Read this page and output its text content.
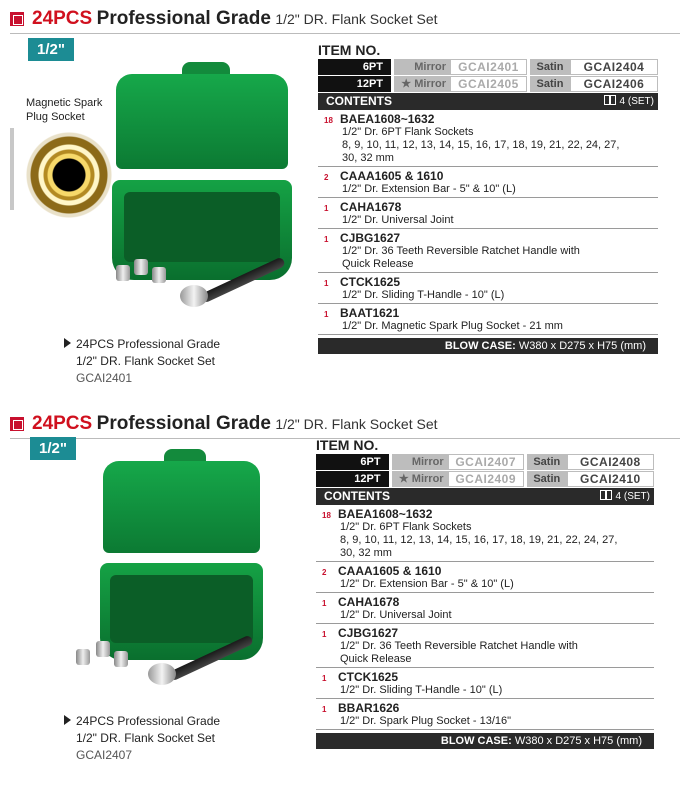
24PCS Professional Grade 1/2" DR. Flank Socket Set
1/2"
Magnetic Spark
Plug Socket
24PCS Professional Grade
1/2" DR. Flank Socket Set
GCAI2401
ITEM NO.
6PT	Mirror	GCAI2401	Satin	GCAI2404
12PT	★ Mirror	GCAI2405	Satin	GCAI2406
CONTENTS	4 (SET)
18 BAEA1608~1632
1/2" Dr. 6PT Flank Sockets
8, 9, 10, 11, 12, 13, 14, 15, 16, 17, 18, 19, 21, 22, 24, 27,
30, 32 mm
2 CAAA1605 & 1610
1/2" Dr. Extension Bar - 5" & 10" (L)
1 CAHA1678
1/2" Dr. Universal Joint
1 CJBG1627
1/2" Dr. 36 Teeth Reversible Ratchet Handle with
Quick Release
1 CTCK1625
1/2" Dr. Sliding T-Handle - 10" (L)
1 BAAT1621
1/2" Dr. Magnetic Spark Plug Socket - 21 mm
BLOW CASE: W380 x D275 x H75 (mm)
24PCS Professional Grade 1/2" DR. Flank Socket Set
1/2"
24PCS Professional Grade
1/2" DR. Flank Socket Set
GCAI2407
ITEM NO.
6PT	Mirror GCAI2407	Satin	GCAI2408
12PT	★ Mirror GCAI2409	Satin	GCAI2410
CONTENTS	4 (SET)
18 BAEA1608~1632
1/2" Dr. 6PT Flank Sockets
8, 9, 10, 11, 12, 13, 14, 15, 16, 17, 18, 19, 21, 22, 24, 27,
30, 32 mm
2 CAAA1605 & 1610
1/2" Dr. Extension Bar - 5" & 10" (L)
1 CAHA1678
1/2" Dr. Universal Joint
1 CJBG1627
1/2" Dr. 36 Teeth Reversible Ratchet Handle with
Quick Release
1 CTCK1625
1/2" Dr. Sliding T-Handle - 10" (L)
1 BBAR1626
1/2" Dr. Spark Plug Socket - 13/16"
BLOW CASE: W380 x D275 x H75 (mm)
